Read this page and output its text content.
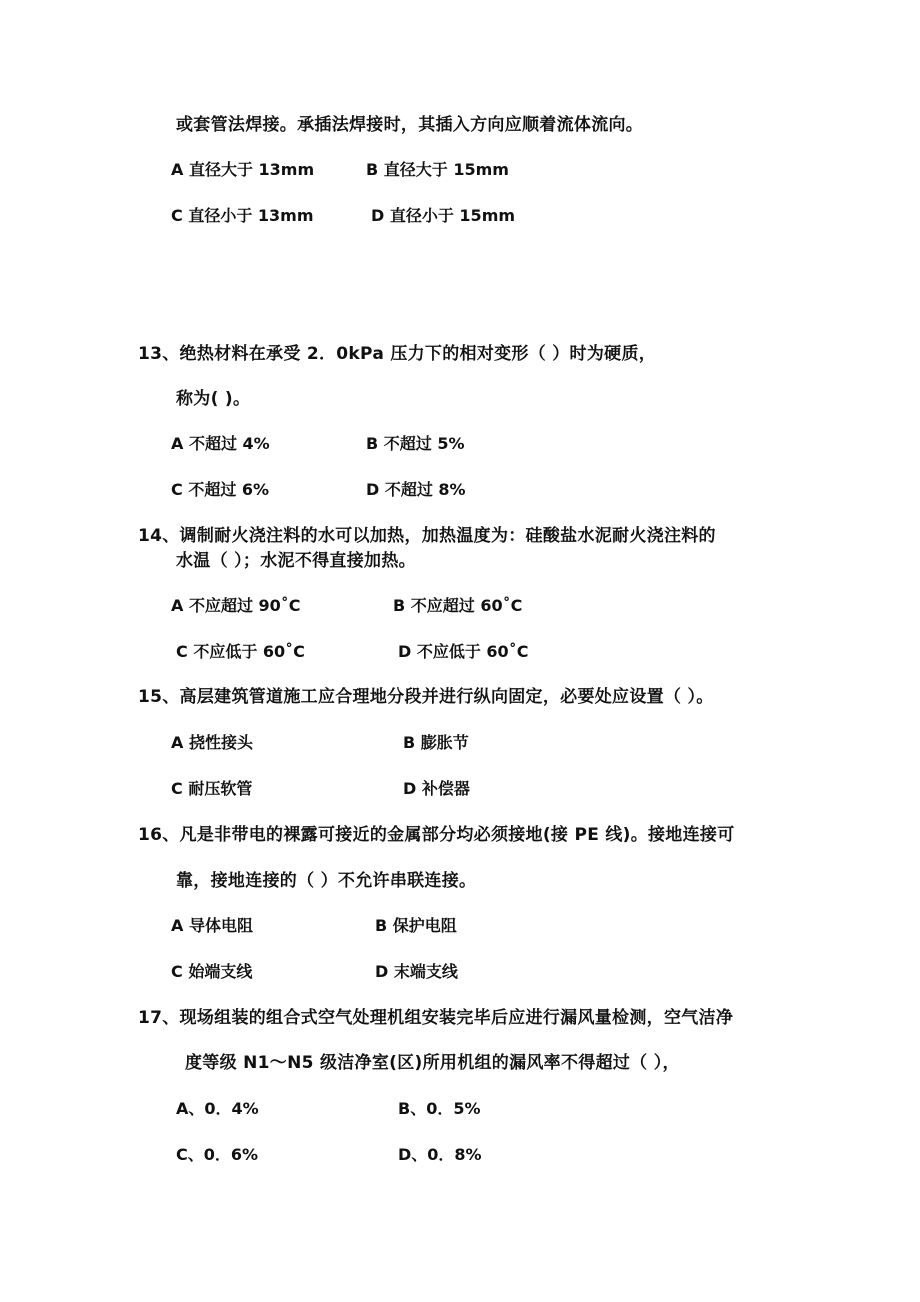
或套管法焊接。承插法焊接时，其插入方向应顺着流体流向。
A 直径大于 13mm	B 直径大于 15mm
C 直径小于 13mm	D 直径小于 15mm
13、绝热材料在承受 2．0kPa 压力下的相对变形（ ）时为硬质，
称为( )。
A 不超过 4%	B 不超过 5%
C 不超过 6%	D 不超过 8%
14、调制耐火浇注料的水可以加热，加热温度为：硅酸盐水泥耐火浇注料的
水温（ ）；水泥不得直接加热。
A 不应超过 90˚C	B 不应超过 60˚C
C 不应低于 60˚C	D 不应低于 60˚C
15、高层建筑管道施工应合理地分段并进行纵向固定，必要处应设置（ ）。
A 挠性接头	B 膨胀节
C 耐压软管	D 补偿器
16、凡是非带电的裸露可接近的金属部分均必须接地(接 PE 线)。接地连接可
靠，接地连接的（ ）不允许串联连接。
A 导体电阻	B 保护电阻
C 始端支线	D 末端支线
17、现场组装的组合式空气处理机组安装完毕后应进行漏风量检测，空气洁净
度等级 N1～N5 级洁净室(区)所用机组的漏风率不得超过（ ），
A、0．4%	B、0．5%
C、0．6%	D、0．8%
